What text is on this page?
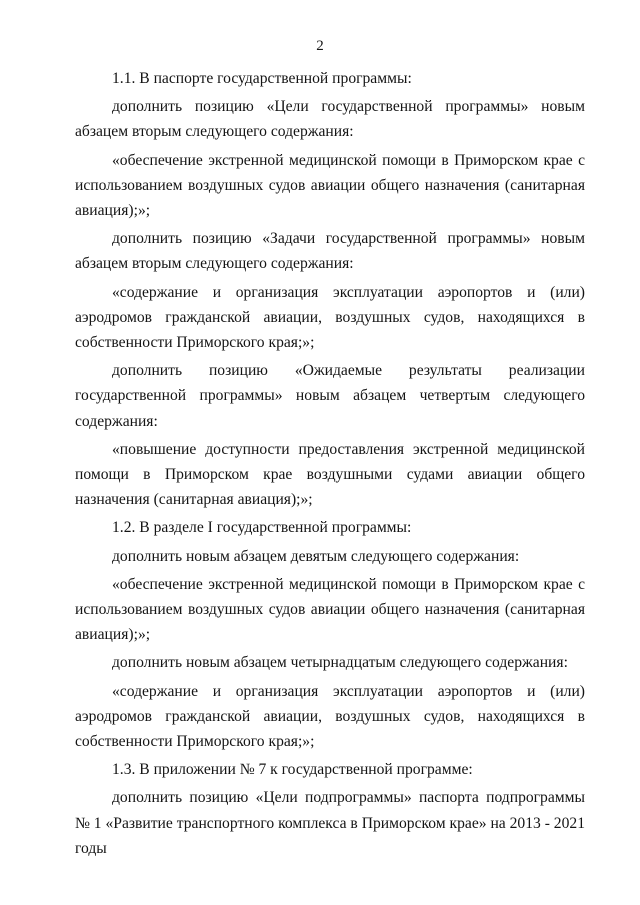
2

1.1. В паспорте государственной программы:

дополнить позицию «Цели государственной программы» новым абзацем вторым следующего содержания:

«обеспечение экстренной медицинской помощи в Приморском крае с использованием воздушных судов авиации общего назначения (санитарная авиация);»;

дополнить позицию «Задачи государственной программы» новым абзацем вторым следующего содержания:

«содержание и организация эксплуатации аэропортов и (или) аэродромов гражданской авиации, воздушных судов, находящихся в собственности Приморского края;»;

дополнить позицию «Ожидаемые результаты реализации государственной программы» новым абзацем четвертым следующего содержания:

«повышение доступности предоставления экстренной медицинской помощи в Приморском крае воздушными судами авиации общего назначения (санитарная авиация);»;

1.2. В разделе I государственной программы:

дополнить новым абзацем девятым следующего содержания:

«обеспечение экстренной медицинской помощи в Приморском крае с использованием воздушных судов авиации общего назначения (санитарная авиация);»;

дополнить новым абзацем четырнадцатым следующего содержания:

«содержание и организация эксплуатации аэропортов и (или) аэродромов гражданской авиации, воздушных судов, находящихся в собственности Приморского края;»;

1.3. В приложении № 7 к государственной программе:

дополнить позицию «Цели подпрограммы» паспорта подпрограммы № 1 «Развитие транспортного комплекса в Приморском крае» на 2013 - 2021 годы
